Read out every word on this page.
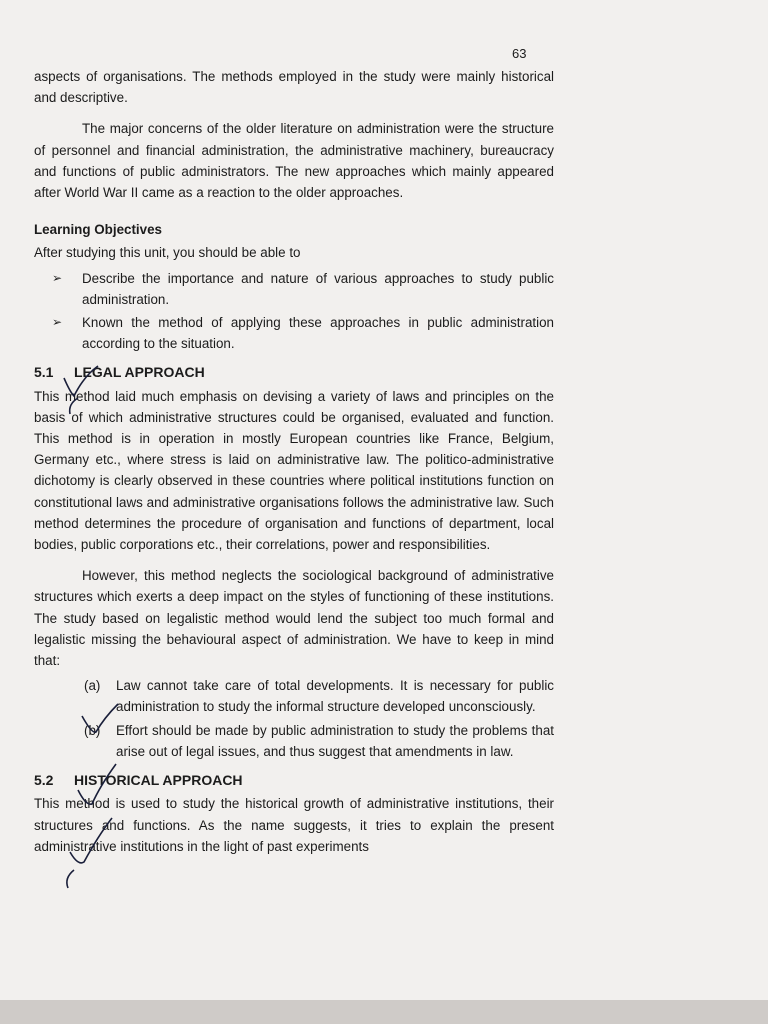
63

aspects of organisations. The methods employed in the study were mainly historical and descriptive.

The major concerns of the older literature on administration were the structure of personnel and financial administration, the administrative machinery, bureaucracy and functions of public administrators. The new approaches which mainly appeared after World War II came as a reaction to the older approaches.

Learning Objectives

After studying this unit, you should be able to

➢ Describe the importance and nature of various approaches to study public administration.
➢ Known the method of applying these approaches in public administration according to the situation.

5.1 LEGAL APPROACH

This method laid much emphasis on devising a variety of laws and principles on the basis of which administrative structures could be organised, evaluated and function. This method is in operation in mostly European countries like France, Belgium, Germany etc., where stress is laid on administrative law. The politico-administrative dichotomy is clearly observed in these countries where political institutions function on constitutional laws and administrative organisations follows the administrative law. Such method determines the procedure of organisation and functions of department, local bodies, public corporations etc., their correlations, power and responsibilities.

However, this method neglects the sociological background of administrative structures which exerts a deep impact on the styles of functioning of these institutions. The study based on legalistic method would lend the subject too much formal and legalistic missing the behavioural aspect of administration. We have to keep in mind that:

(a) Law cannot take care of total developments. It is necessary for public administration to study the informal structure developed unconsciously.
(b) Effort should be made by public administration to study the problems that arise out of legal issues, and thus suggest that amendments in law.

5.2 HISTORICAL APPROACH

This method is used to study the historical growth of administrative institutions, their structures and functions. As the name suggests, it tries to explain the present administrative institutions in the light of past experiments
